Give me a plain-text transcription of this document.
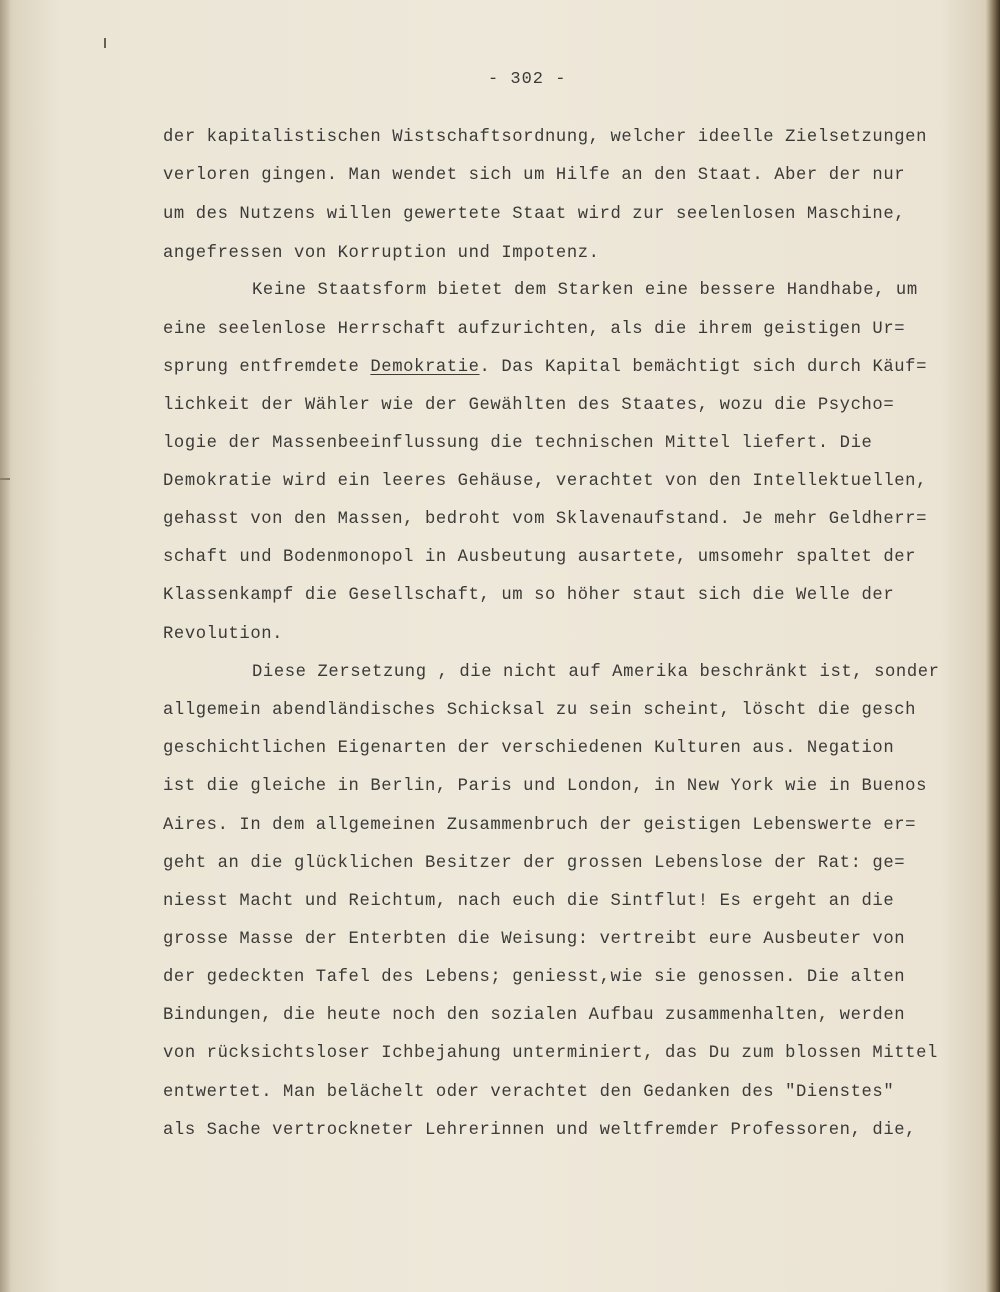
- 302 -
der kapitalistischen Wistschaftsordnung, welcher ideelle Zielsetzungen
verloren gingen. Man wendet sich um Hilfe an den Staat. Aber der nur
um des Nutzens willen gewertete Staat wird zur seelenlosen Maschine,
angefressen von Korruption und Impotenz.
Keine Staatsform bietet dem Starken eine bessere Handhabe, um
eine seelenlose Herrschaft aufzurichten, als die ihrem geistigen Ur=
sprung entfremdete Demokratie. Das Kapital bemächtigt sich durch Käuf=
lichkeit der Wähler wie der Gewählten des Staates, wozu die Psycho=
logie der Massenbeeinflussung die technischen Mittel liefert. Die
Demokratie wird ein leeres Gehäuse, verachtet von den Intellektuellen,
gehasst von den Massen, bedroht vom Sklavenaufstand. Je mehr Geldherr=
schaft und Bodenmonopol in Ausbeutung ausartete, umsomehr spaltet der
Klassenkampf die Gesellschaft, um so höher staut sich die Welle der
Revolution.
Diese Zersetzung , die nicht auf Amerika beschränkt ist, sonder
allgemein abendländisches Schicksal zu sein scheint, löscht die gesch
geschichtlichen Eigenarten der verschiedenen Kulturen aus. Negation
ist die gleiche in Berlin, Paris und London, in New York wie in Buenos
Aires. In dem allgemeinen Zusammenbruch der geistigen Lebenswerte er=
geht an die glücklichen Besitzer der grossen Lebenslose der Rat: ge=
niesst Macht und Reichtum, nach euch die Sintflut! Es ergeht an die
grosse Masse der Enterbten die Weisung: vertreibt eure Ausbeuter von
der gedeckten Tafel des Lebens; geniesst,wie sie genossen. Die alten
Bindungen, die heute noch den sozialen Aufbau zusammenhalten, werden
von rücksichtsloser Ichbejahung unterminiert, das Du zum blossen Mittel
entwertet. Man belächelt oder verachtet den Gedanken des "Dienstes"
als Sache vertrockneter Lehrerinnen und weltfremder Professoren, die,
